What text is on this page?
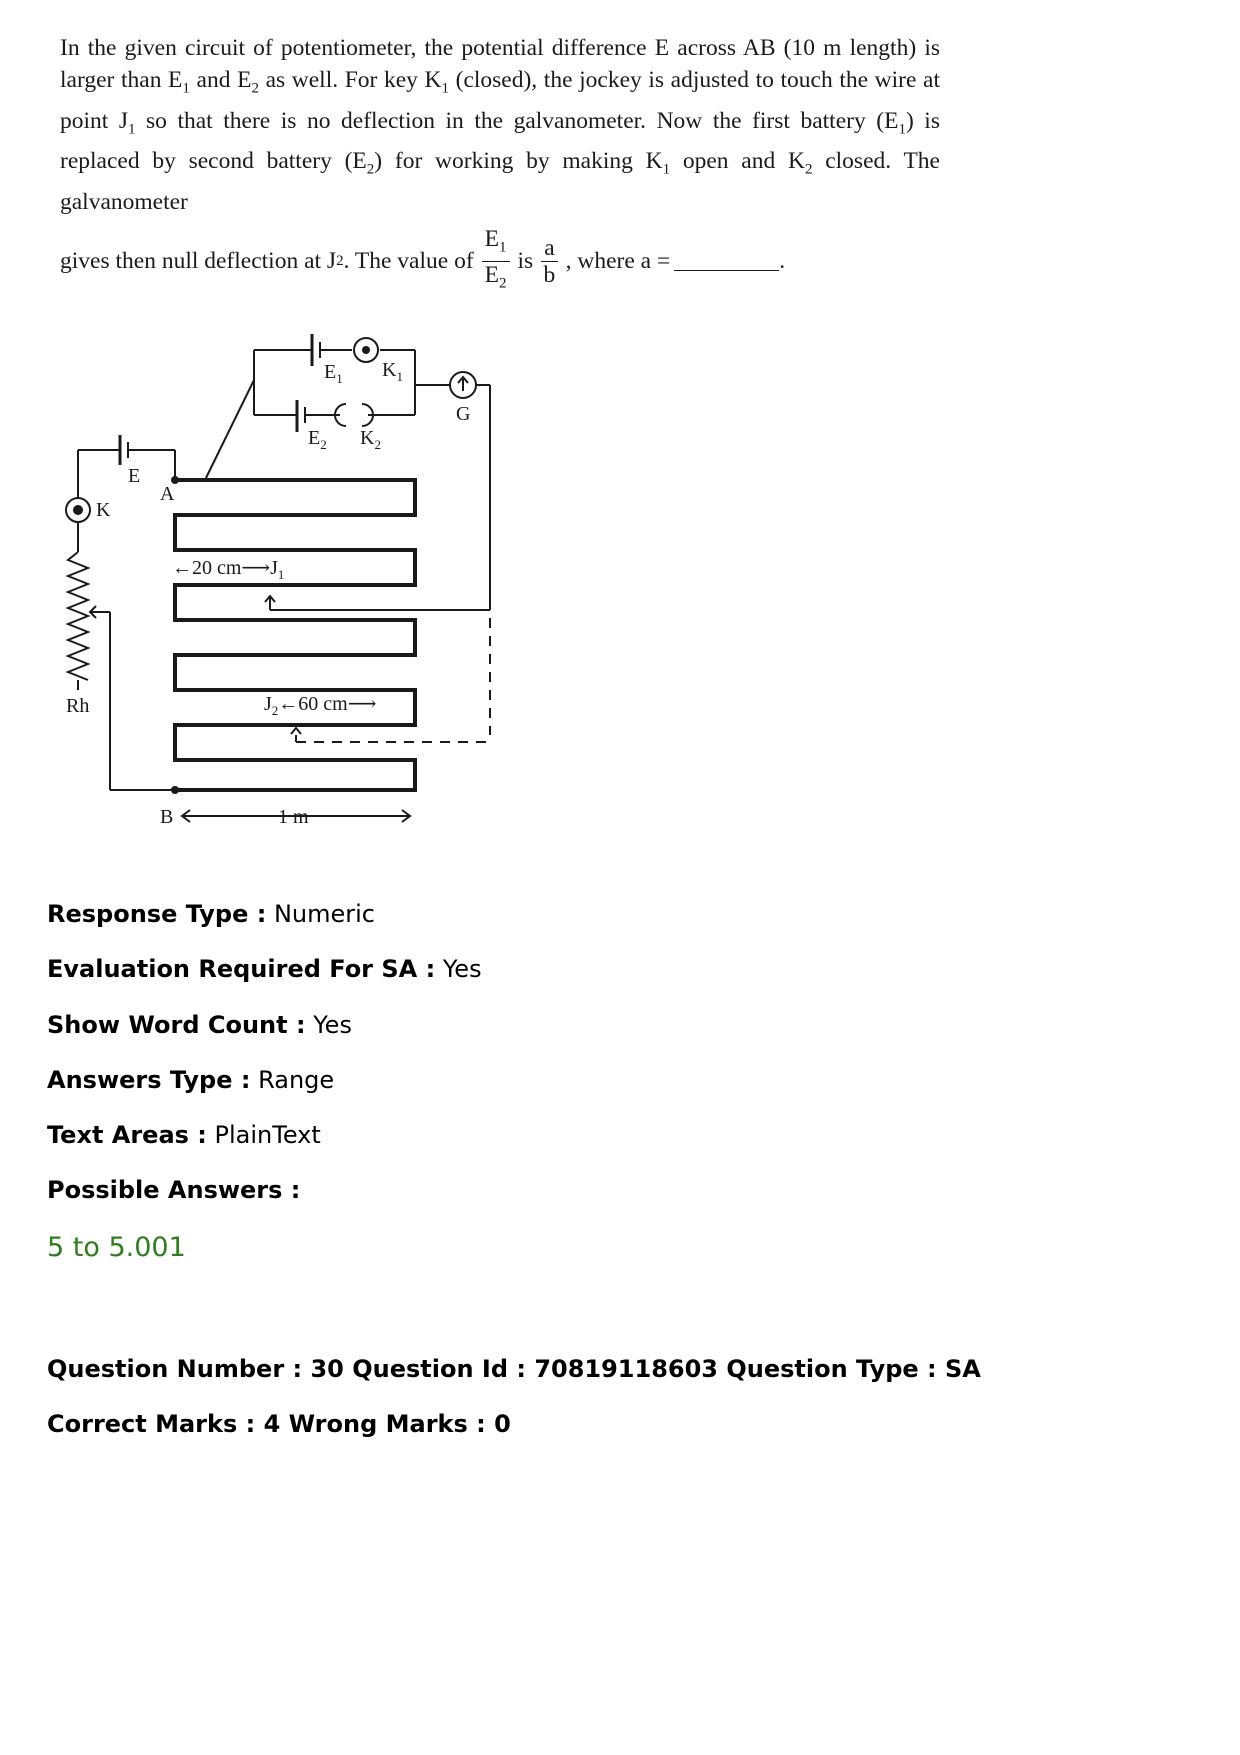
In the given circuit of potentiometer, the potential difference E across AB (10 m length) is larger than $E_1$ and $E_2$ as well. For key $K_1$ (closed), the jockey is adjusted to touch the wire at point $J_1$ so that there is no deflection in the galvanometer. Now the first battery $(E_1)$ is replaced by second battery $(E_2)$ for working by making $K_1$ open and $K_2$ closed. The galvanometer

gives then null deflection at J 2 . The value of $\frac{E_1}{E_2}$ is $\frac{a}{b}$ , where a =	.
$E_1$ $K_1$
$E_2$ $K_2$
G
E
A
K
Rh
←20 $cm⟶J_1$
$J_2\leftarrow 60$ cm⟶
B	1 m
Response Type : Numeric
Evaluation Required For SA : Yes
Show Word Count : Yes
Answers Type : Range
Text Areas : PlainText
Possible Answers :
5 to 5.001
Question Number : 30 Question Id : 70819118603 Question Type : SA
Correct Marks : 4 Wrong Marks : 0
